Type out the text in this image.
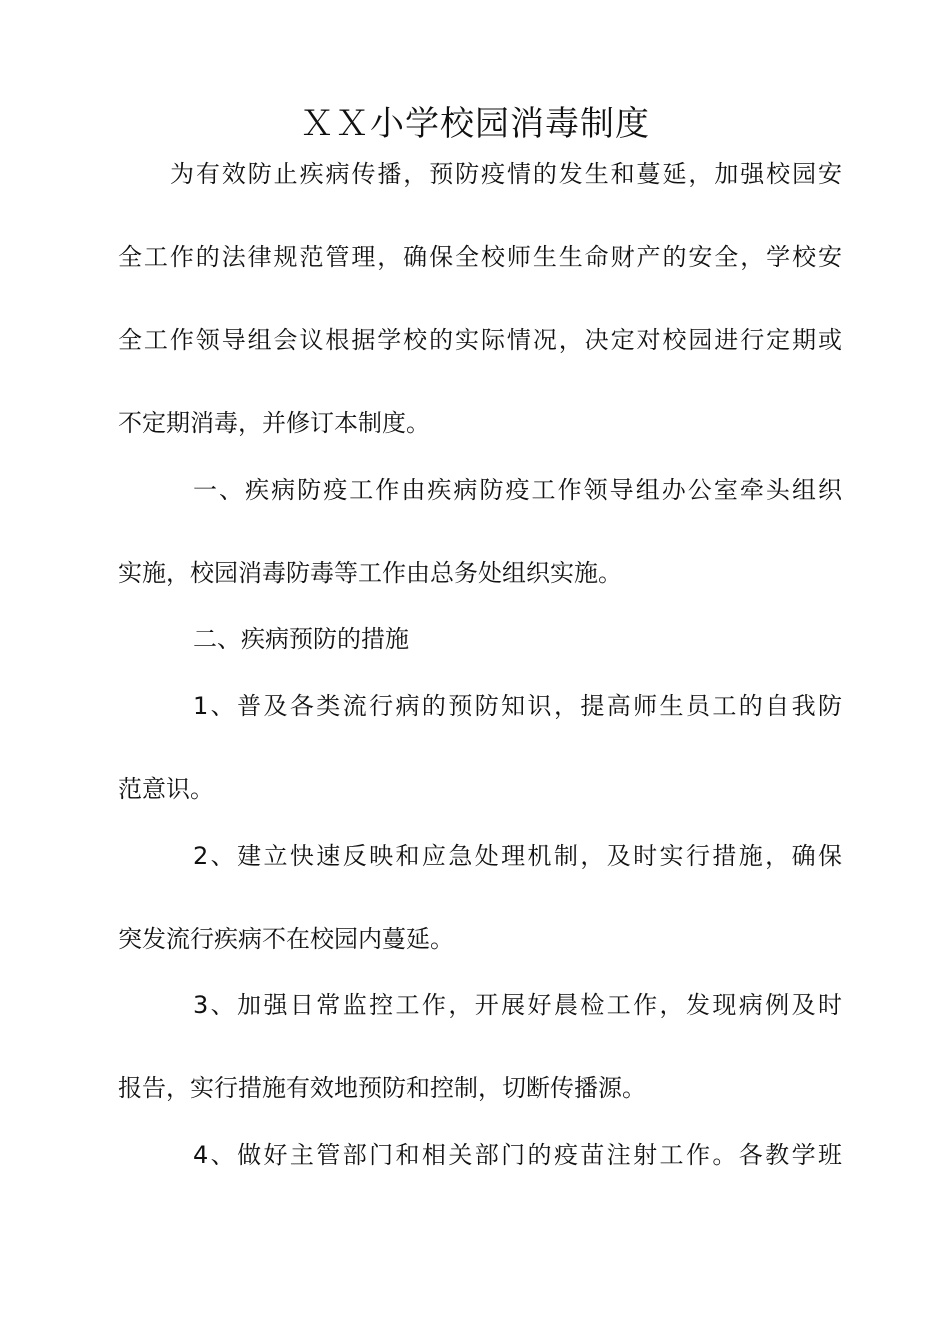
ＸＸ小学校园消毒制度
为有效防止疾病传播，预防疫情的发生和蔓延，加强校园安
全工作的法律规范管理，确保全校师生生命财产的安全，学校安
全工作领导组会议根据学校的实际情况，决定对校园进行定期或
不定期消毒，并修订本制度。
一、疾病防疫工作由疾病防疫工作领导组办公室牵头组织
实施，校园消毒防毒等工作由总务处组织实施。
二、疾病预防的措施
1、普及各类流行病的预防知识，提高师生员工的自我防
范意识。
2、建立快速反映和应急处理机制，及时实行措施，确保
突发流行疾病不在校园内蔓延。
3、加强日常监控工作，开展好晨检工作，发现病例及时
报告，实行措施有效地预防和控制，切断传播源。
4、做好主管部门和相关部门的疫苗注射工作。各教学班
